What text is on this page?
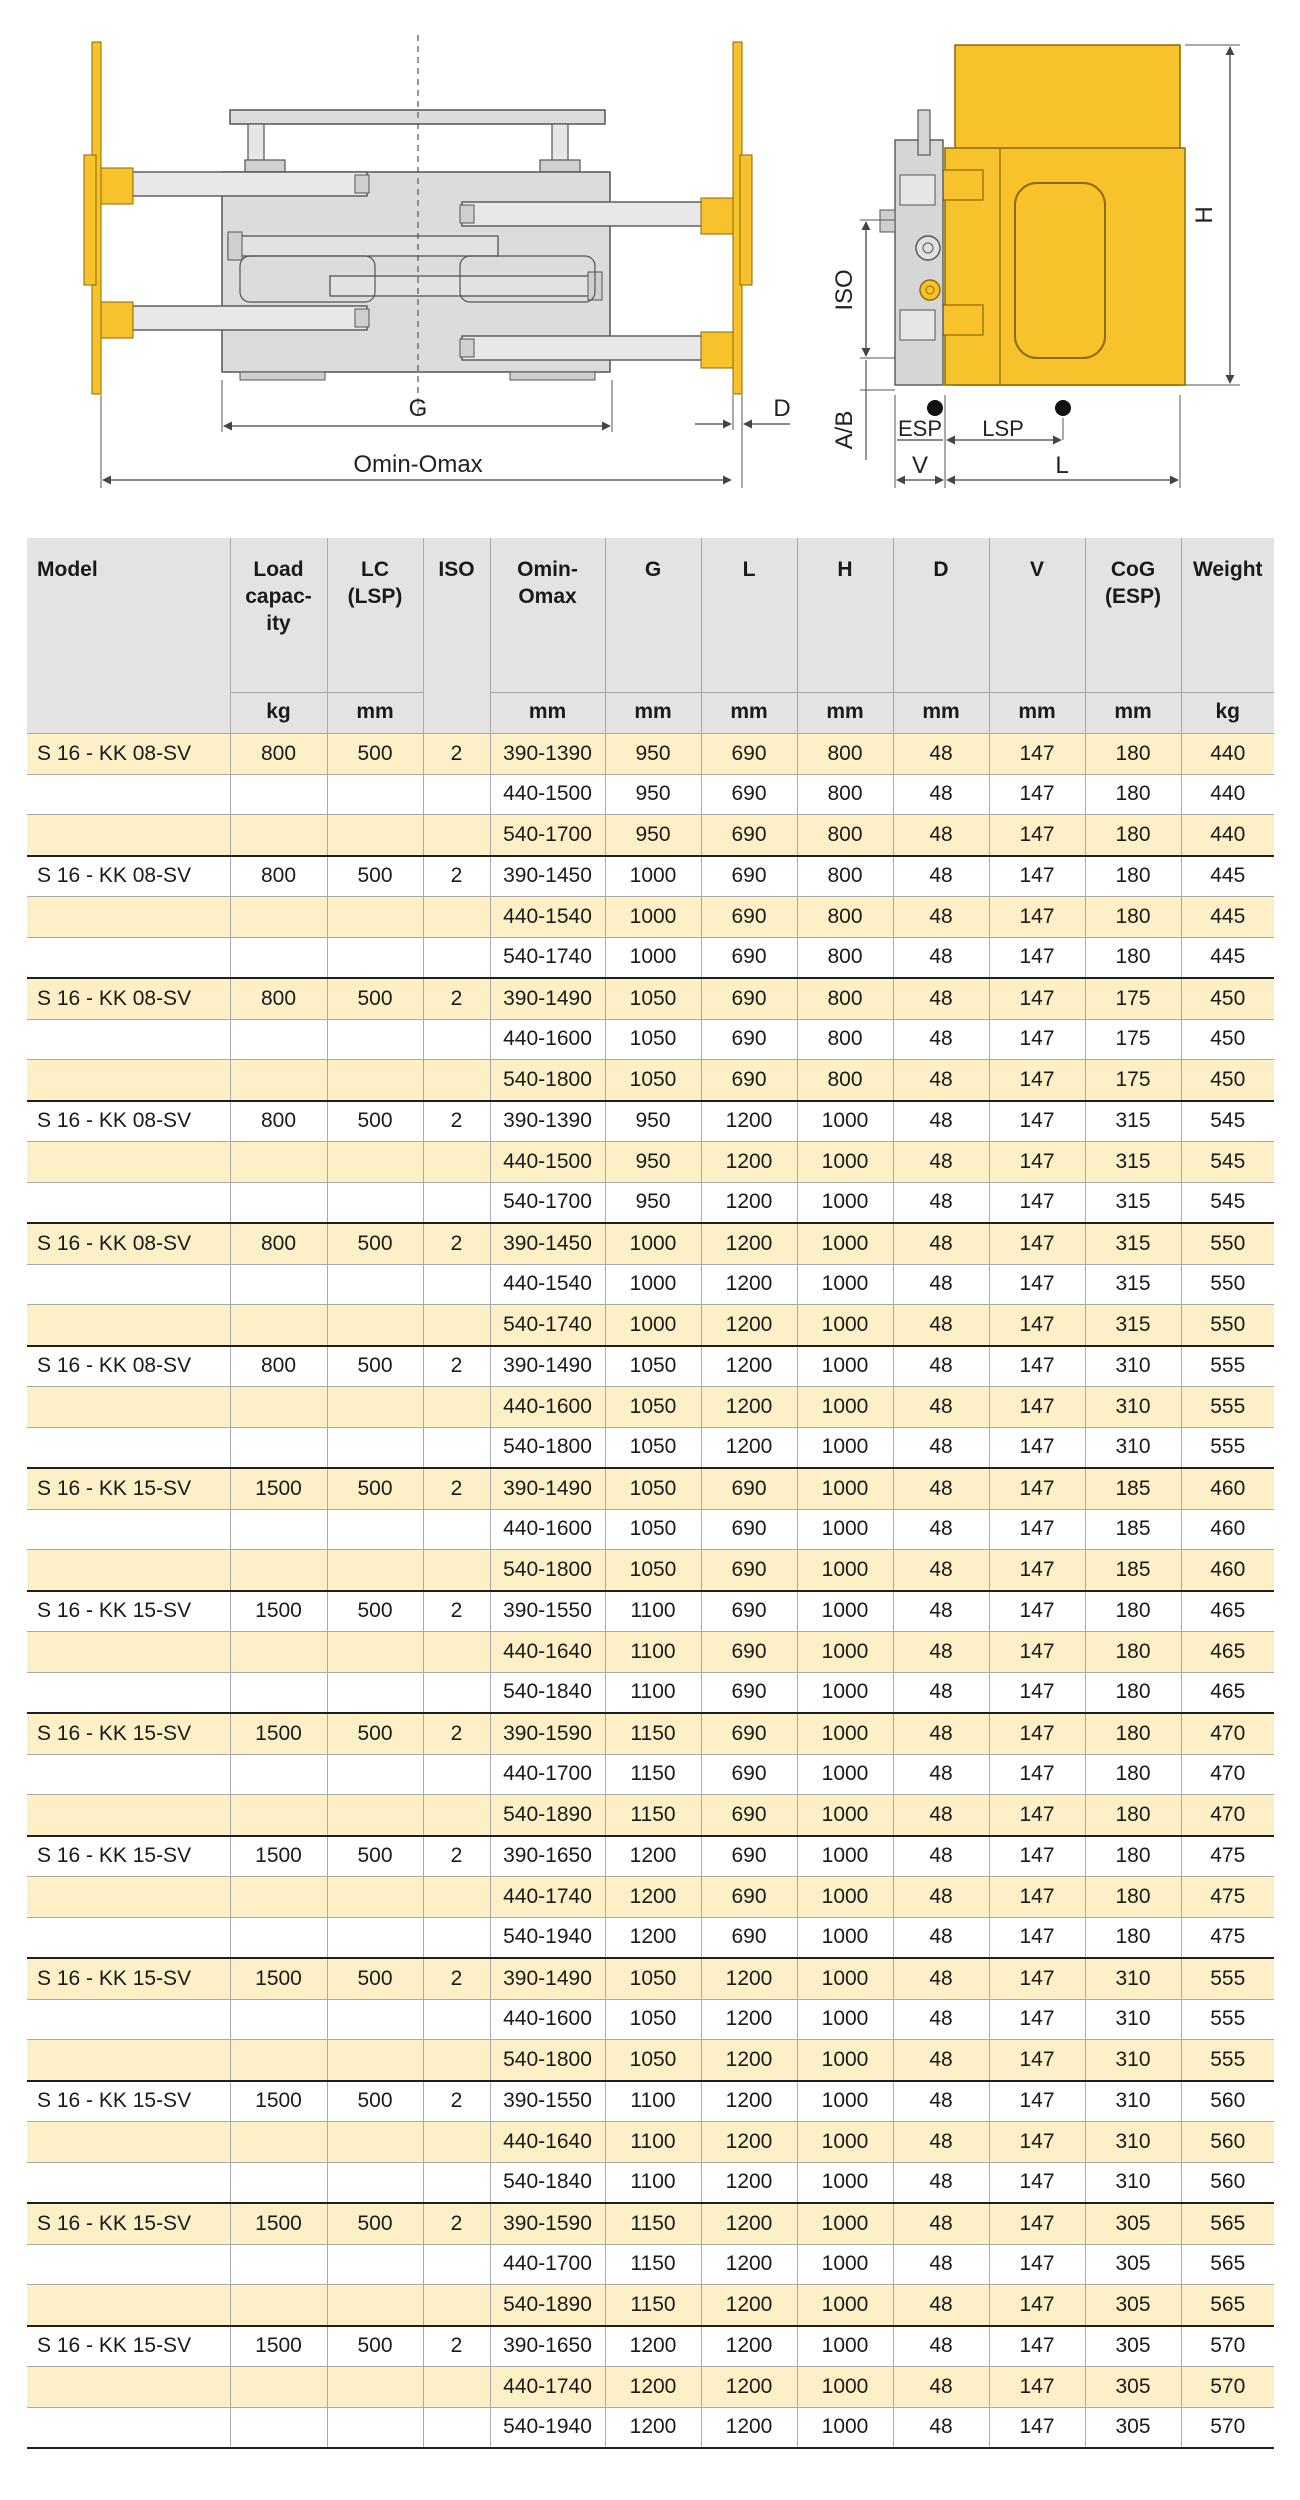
G	D
Omin-Omax
H
ISO
A/B ESP LSP
V	L
Model	Load capac-ity	LC (LSP)	ISO	Omin-Omax	G	L	H	D	V	CoG (ESP)	Weight
	kg	mm		mm	mm	mm	mm	mm	mm	mm	kg
S 16 - KK 08-SV	800	500	2	390-1390	950	690	800	48	147	180	440
				440-1500	950	690	800	48	147	180	440
				540-1700	950	690	800	48	147	180	440
S 16 - KK 08-SV	800	500	2	390-1450	1000	690	800	48	147	180	445
				440-1540	1000	690	800	48	147	180	445
				540-1740	1000	690	800	48	147	180	445
S 16 - KK 08-SV	800	500	2	390-1490	1050	690	800	48	147	175	450
				440-1600	1050	690	800	48	147	175	450
				540-1800	1050	690	800	48	147	175	450
S 16 - KK 08-SV	800	500	2	390-1390	950	1200	1000	48	147	315	545
				440-1500	950	1200	1000	48	147	315	545
				540-1700	950	1200	1000	48	147	315	545
S 16 - KK 08-SV	800	500	2	390-1450	1000	1200	1000	48	147	315	550
				440-1540	1000	1200	1000	48	147	315	550
				540-1740	1000	1200	1000	48	147	315	550
S 16 - KK 08-SV	800	500	2	390-1490	1050	1200	1000	48	147	310	555
				440-1600	1050	1200	1000	48	147	310	555
				540-1800	1050	1200	1000	48	147	310	555
S 16 - KK 15-SV	1500	500	2	390-1490	1050	690	1000	48	147	185	460
				440-1600	1050	690	1000	48	147	185	460
				540-1800	1050	690	1000	48	147	185	460
S 16 - KK 15-SV	1500	500	2	390-1550	1100	690	1000	48	147	180	465
				440-1640	1100	690	1000	48	147	180	465
				540-1840	1100	690	1000	48	147	180	465
S 16 - KK 15-SV	1500	500	2	390-1590	1150	690	1000	48	147	180	470
				440-1700	1150	690	1000	48	147	180	470
				540-1890	1150	690	1000	48	147	180	470
S 16 - KK 15-SV	1500	500	2	390-1650	1200	690	1000	48	147	180	475
				440-1740	1200	690	1000	48	147	180	475
				540-1940	1200	690	1000	48	147	180	475
S 16 - KK 15-SV	1500	500	2	390-1490	1050	1200	1000	48	147	310	555
				440-1600	1050	1200	1000	48	147	310	555
				540-1800	1050	1200	1000	48	147	310	555
S 16 - KK 15-SV	1500	500	2	390-1550	1100	1200	1000	48	147	310	560
				440-1640	1100	1200	1000	48	147	310	560
				540-1840	1100	1200	1000	48	147	310	560
S 16 - KK 15-SV	1500	500	2	390-1590	1150	1200	1000	48	147	305	565
				440-1700	1150	1200	1000	48	147	305	565
				540-1890	1150	1200	1000	48	147	305	565
S 16 - KK 15-SV	1500	500	2	390-1650	1200	1200	1000	48	147	305	570
				440-1740	1200	1200	1000	48	147	305	570
				540-1940	1200	1200	1000	48	147	305	570
